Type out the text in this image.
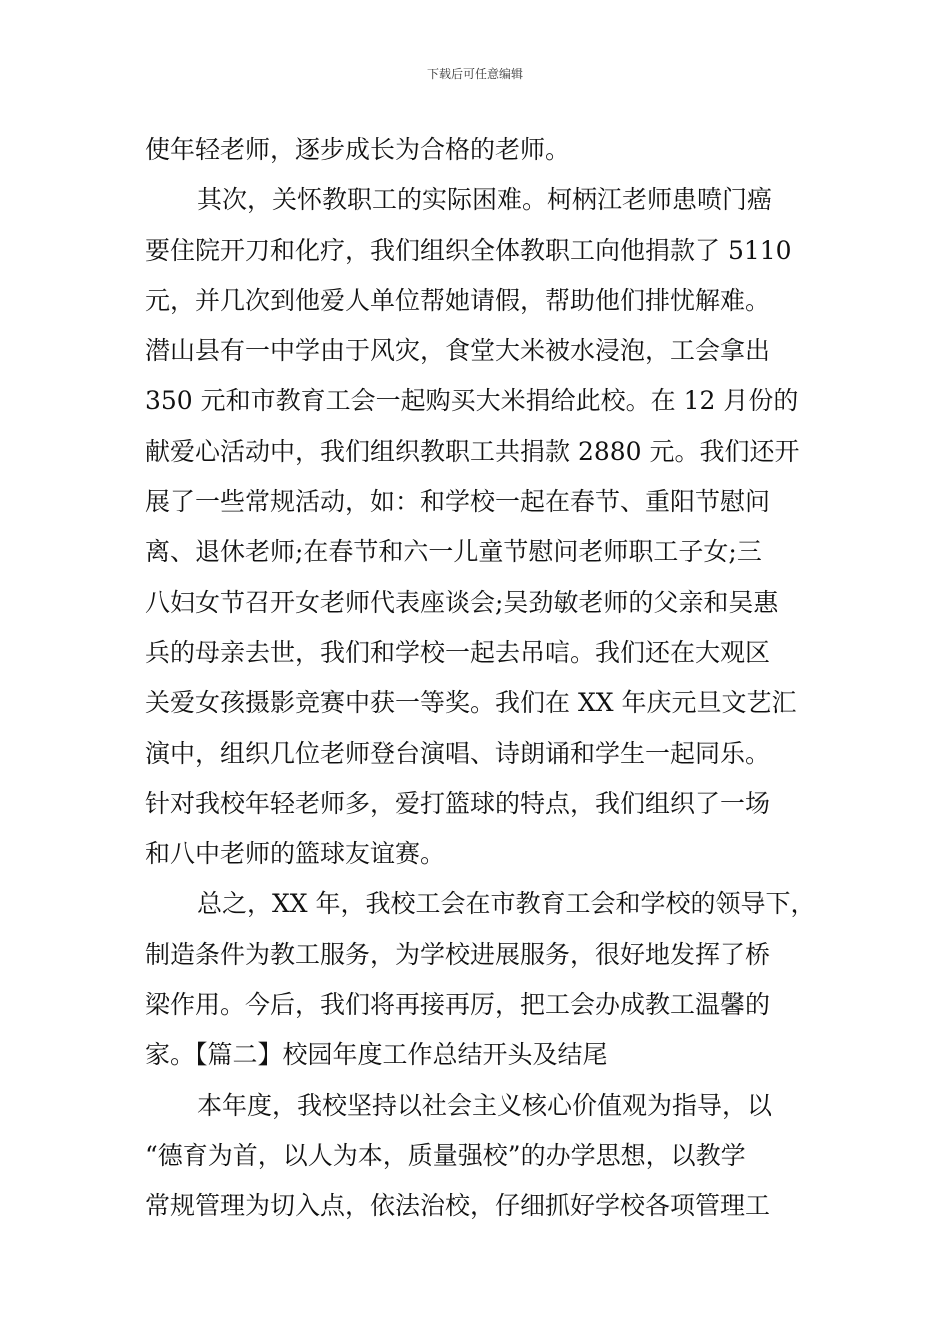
下载后可任意编辑
使年轻老师，逐步成长为合格的老师。
其次，关怀教职工的实际困难。柯柄江老师患喷门癌
要住院开刀和化疗，我们组织全体教职工向他捐款了 5110
元，并几次到他爱人单位帮她请假，帮助他们排忧解难。
潜山县有一中学由于风灾，食堂大米被水浸泡，工会拿出
350 元和市教育工会一起购买大米捐给此校。在 12 月份的
献爱心活动中，我们组织教职工共捐款 2880 元。我们还开
展了一些常规活动，如：和学校一起在春节、重阳节慰问
离、退休老师;在春节和六一儿童节慰问老师职工子女;三
八妇女节召开女老师代表座谈会;吴劲敏老师的父亲和吴惠
兵的母亲去世，我们和学校一起去吊唁。我们还在大观区
关爱女孩摄影竞赛中获一等奖。我们在 XX 年庆元旦文艺汇
演中，组织几位老师登台演唱、诗朗诵和学生一起同乐。
针对我校年轻老师多，爱打篮球的特点，我们组织了一场
和八中老师的篮球友谊赛。
总之，XX 年，我校工会在市教育工会和学校的领导下，
制造条件为教工服务，为学校进展服务，很好地发挥了桥
梁作用。今后，我们将再接再厉，把工会办成教工温馨的
家。【篇二】校园年度工作总结开头及结尾
本年度，我校坚持以社会主义核心价值观为指导，以
“德育为首，以人为本，质量强校”的办学思想，以教学
常规管理为切入点，依法治校，仔细抓好学校各项管理工
